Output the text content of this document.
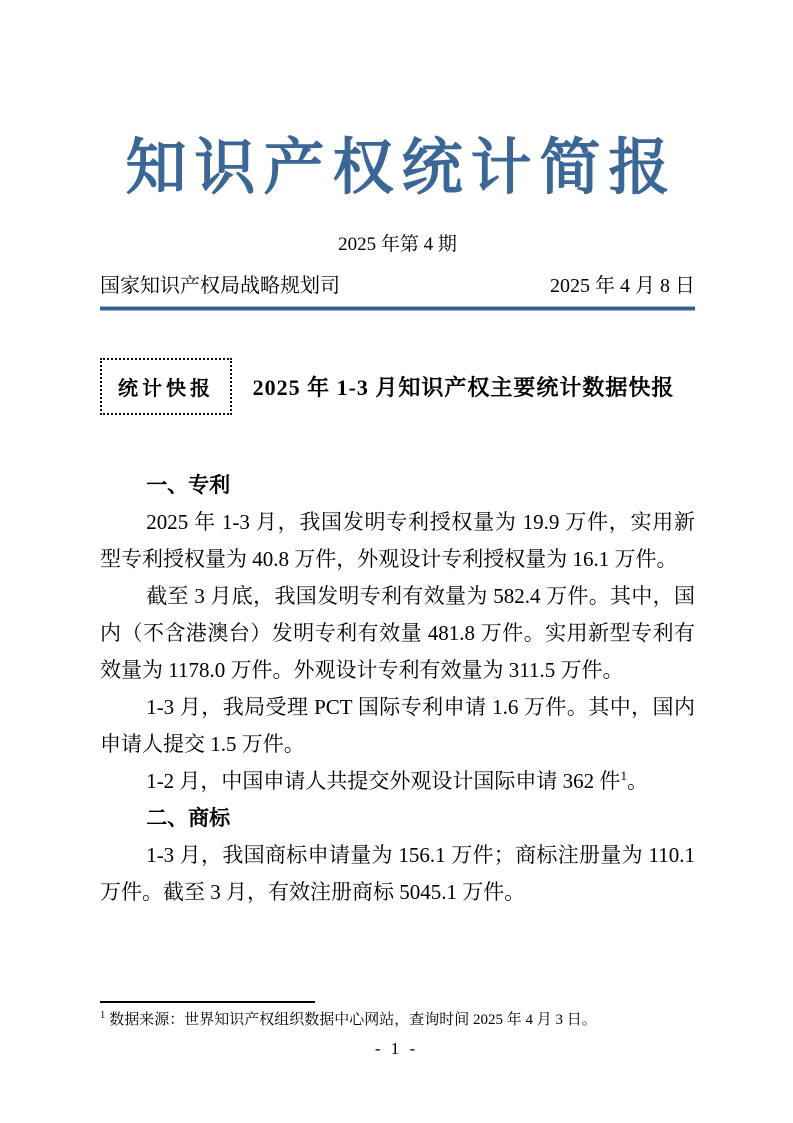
知识产权统计简报
2025 年第 4 期
国家知识产权局战略规划司	2025 年 4 月 8 日
统计快报	2025 年 1-3 月知识产权主要统计数据快报
一、专利

2025 年 1-3 月，我国发明专利授权量为 19.9 万件，实用新型专利授权量为 40.8 万件，外观设计专利授权量为 16.1 万件。

截至 3 月底，我国发明专利有效量为 582.4 万件。其中，国内（不含港澳台）发明专利有效量 481.8 万件。实用新型专利有效量为 1178.0 万件。外观设计专利有效量为 311.5 万件。

1-3 月，我局受理 PCT 国际专利申请 1.6 万件。其中，国内申请人提交 1.5 万件。

1-2 月，中国申请人共提交外观设计国际申请 362 件$^1$。

二、商标

1-3 月，我国商标申请量为 156.1 万件；商标注册量为 110.1 万件。截至 3 月，有效注册商标 5045.1 万件。

$^1$ 数据来源：世界知识产权组织数据中心网站，查询时间 2025 年 4 月 3 日。
- 1 -
